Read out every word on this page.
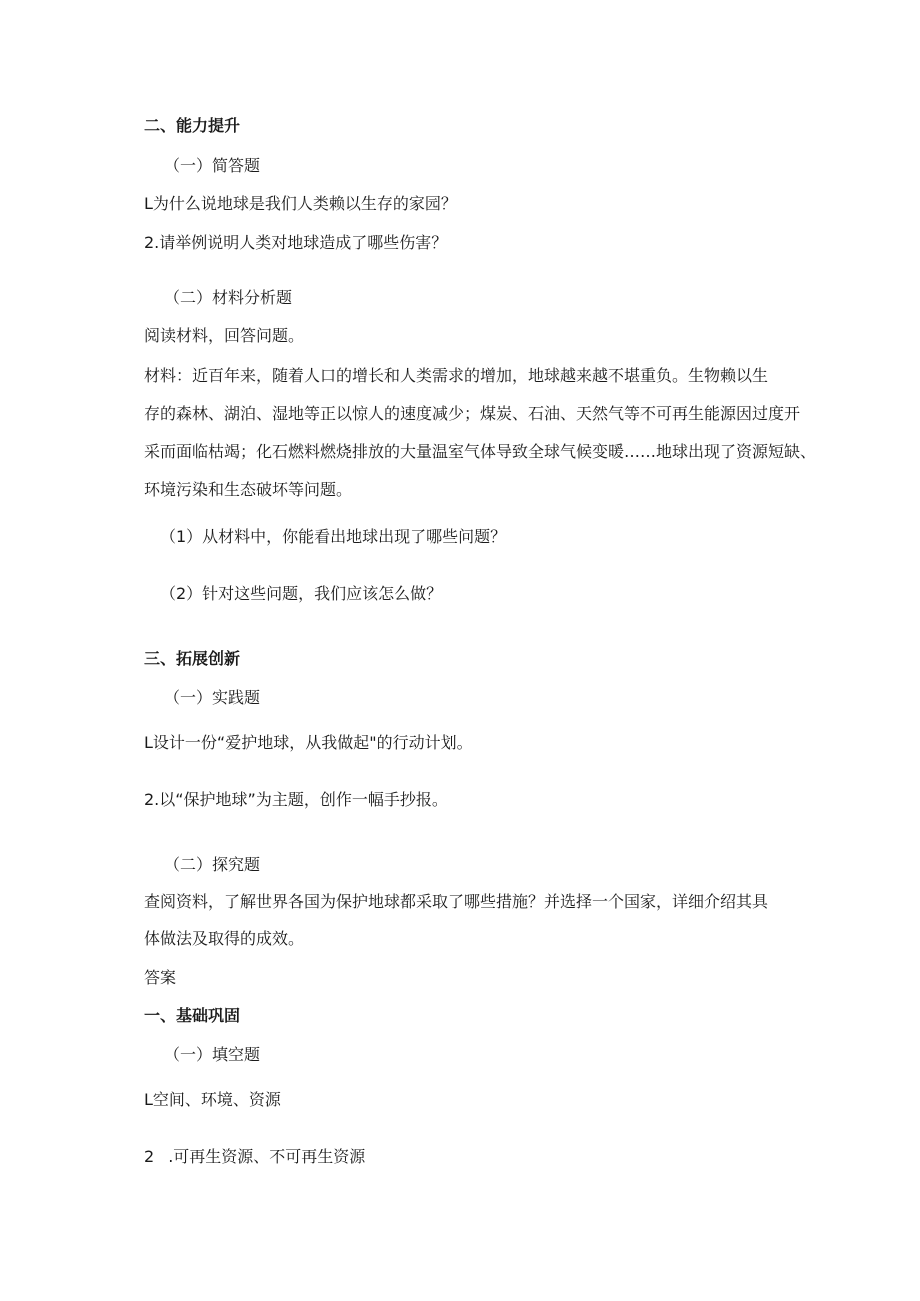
二、能力提升
（一）简答题
L为什么说地球是我们人类赖以生存的家园？
2.请举例说明人类对地球造成了哪些伤害？
（二）材料分析题
阅读材料，回答问题。
材料：近百年来，随着人口的增长和人类需求的增加，地球越来越不堪重负。生物赖以生
存的森林、湖泊、湿地等正以惊人的速度减少；煤炭、石油、天然气等不可再生能源因过度开
采而面临枯竭；化石燃料燃烧排放的大量温室气体导致全球气候变暖……地球出现了资源短缺、
环境污染和生态破坏等问题。
（1）从材料中，你能看出地球出现了哪些问题？
（2）针对这些问题，我们应该怎么做？
三、拓展创新
（一）实践题
L设计一份“爱护地球，从我做起"的行动计划。
2.以“保护地球”为主题，创作一幅手抄报。
（二）探究题
查阅资料，了解世界各国为保护地球都采取了哪些措施？并选择一个国家，详细介绍其具
体做法及取得的成效。
答案
一、基础巩固
（一）填空题
L空间、环境、资源
2 .可再生资源、不可再生资源
